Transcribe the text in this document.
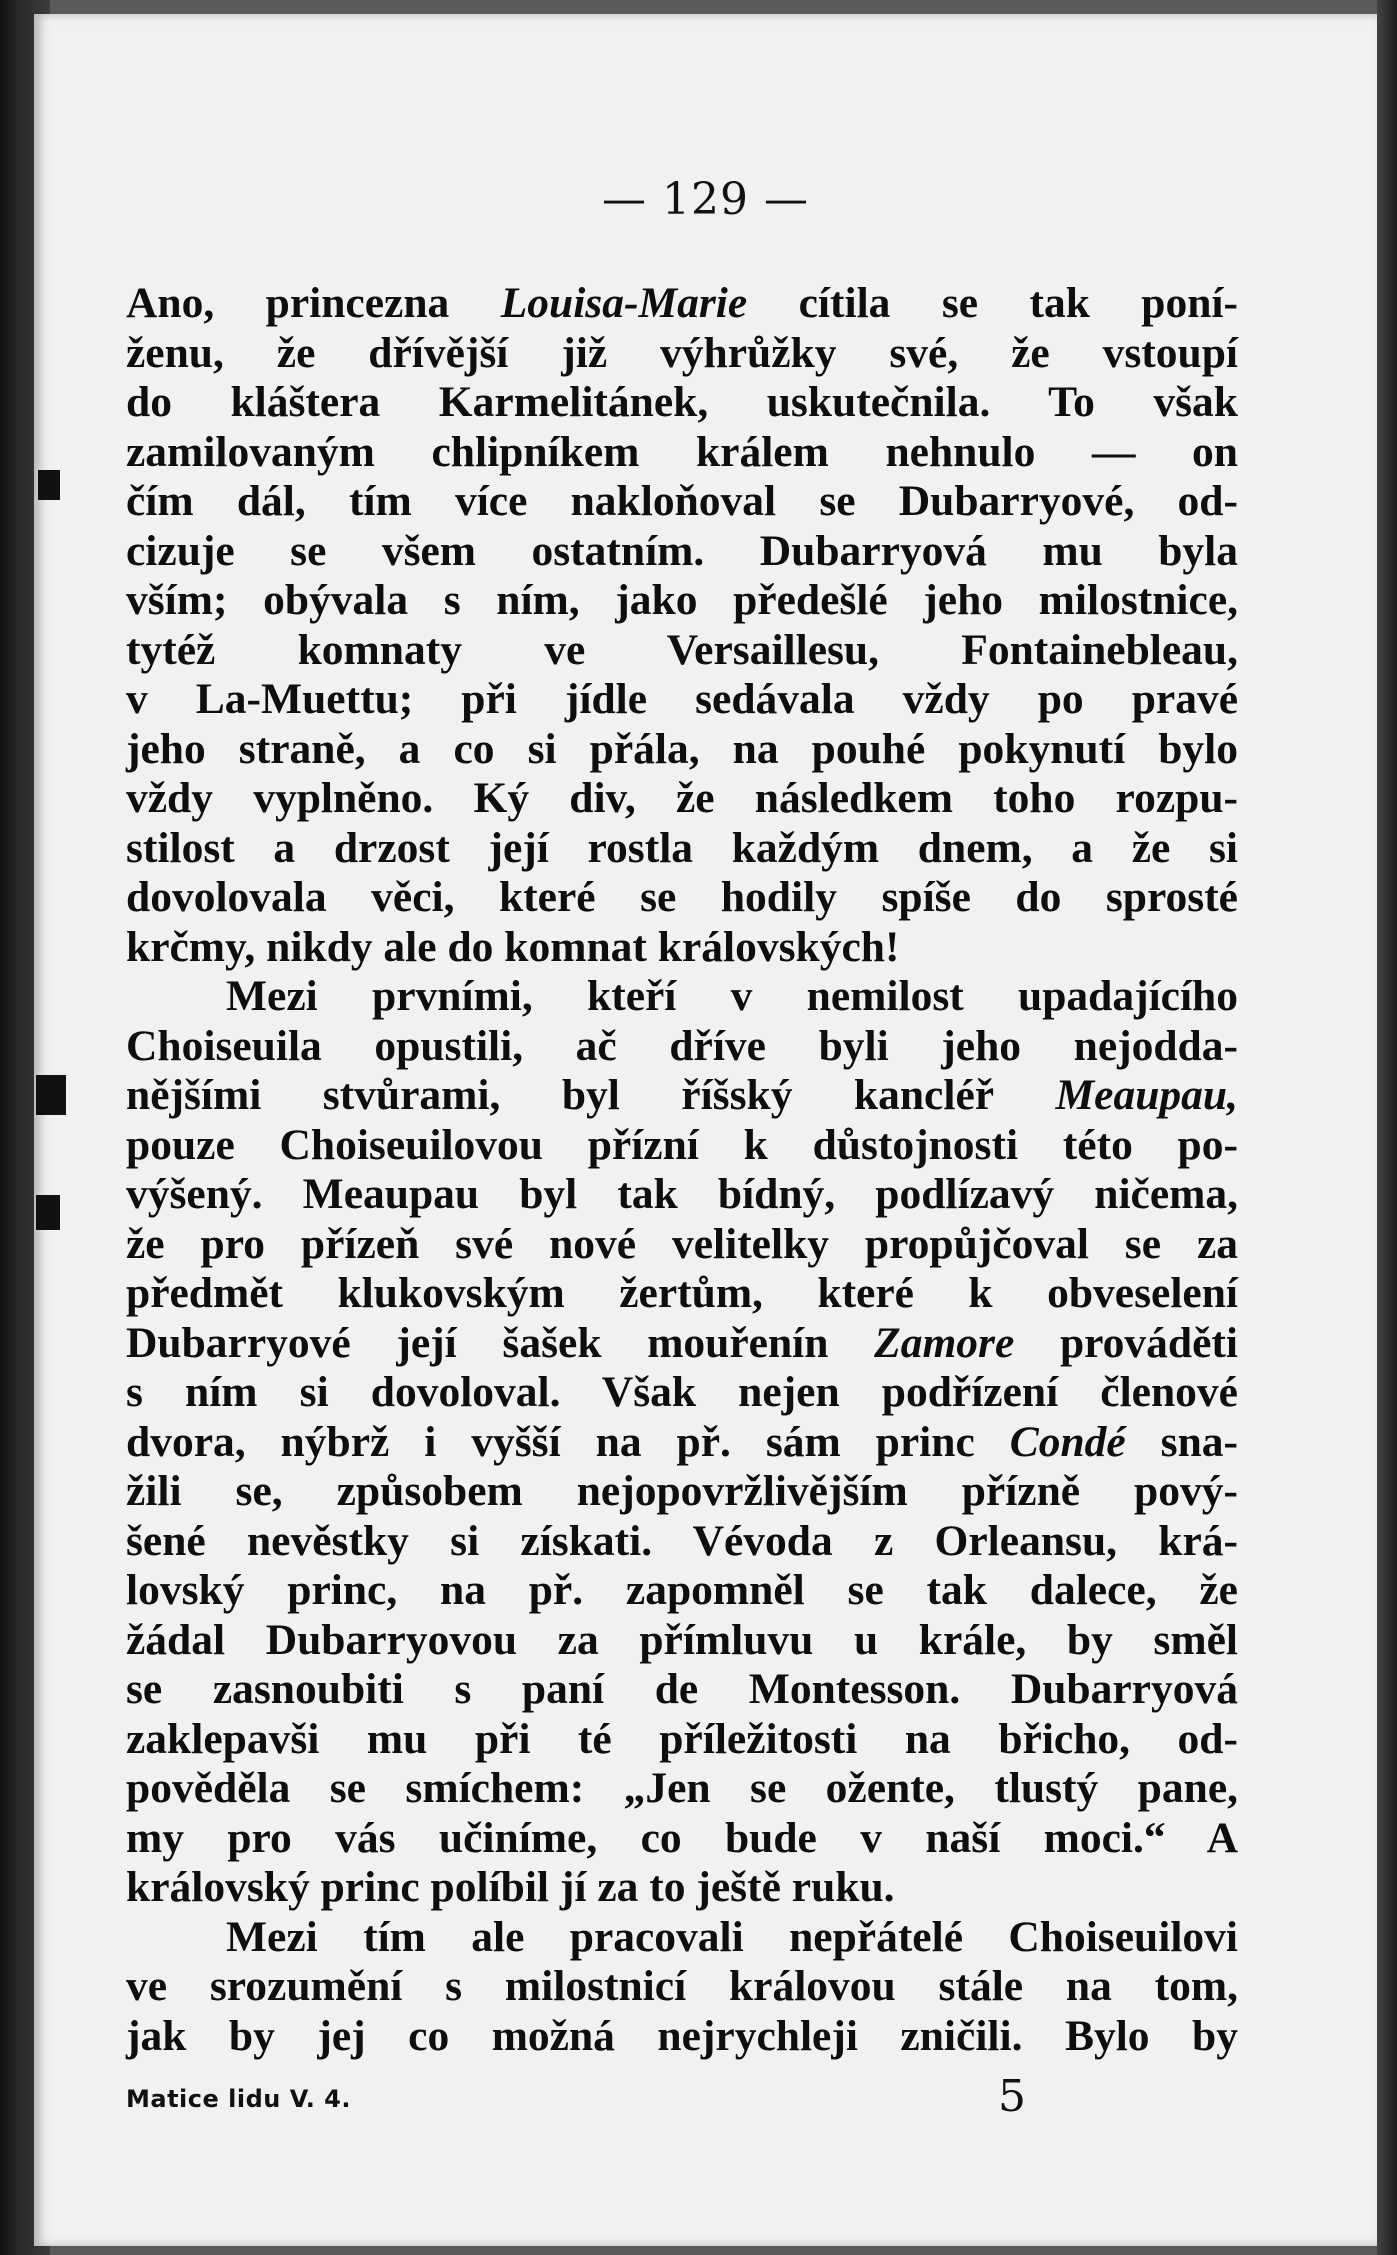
— 129 —
Ano, princezna Louisa-Marie cítila se tak poní-
ženu, že dřívější již výhrůžky své, že vstoupí
do kláštera Karmelitánek, uskutečnila. To však
zamilovaným chlipníkem králem nehnulo — on
čím dál, tím více nakloňoval se Dubarryové, od-
cizuje se všem ostatním. Dubarryová mu byla
vším; obývala s ním, jako předešlé jeho milostnice,
tytéž komnaty ve Versaillesu, Fontainebleau,
v La-Muettu; při jídle sedávala vždy po pravé
jeho straně, a co si přála, na pouhé pokynutí bylo
vždy vyplněno. Ký div, že následkem toho rozpu-
stilost a drzost její rostla každým dnem, a že si
dovolovala věci, které se hodily spíše do sprosté
krčmy, nikdy ale do komnat královských!
Mezi prvními, kteří v nemilost upadajícího
Choiseuila opustili, ač dříve byli jeho nejodda-
nějšími stvůrami, byl říšský kancléř Meaupau,
pouze Choiseuilovou přízní k důstojnosti této po-
výšený. Meaupau byl tak bídný, podlízavý ničema,
že pro přízeň své nové velitelky propůjčoval se za
předmět klukovským žertům, které k obveselení
Dubarryové její šašek mouřenín Zamore prováděti
s ním si dovoloval. Však nejen podřízení členové
dvora, nýbrž i vyšší na př. sám princ Condé sna-
žili se, způsobem nejopovržlivějším přízně pový-
šené nevěstky si získati. Vévoda z Orleansu, krá-
lovský princ, na př. zapomněl se tak dalece, že
žádal Dubarryovou za přímluvu u krále, by směl
se zasnoubiti s paní de Montesson. Dubarryová
zaklepavši mu při té příležitosti na břicho, od-
pověděla se smíchem: „Jen se ožente, tlustý pane,
my pro vás učiníme, co bude v naší moci.“ A
královský princ políbil jí za to ještě ruku.
Mezi tím ale pracovali nepřátelé Choiseuilovi
ve srozumění s milostnicí královou stále na tom,
jak by jej co možná nejrychleji zničili. Bylo by
Matice lidu V. 4.	5
